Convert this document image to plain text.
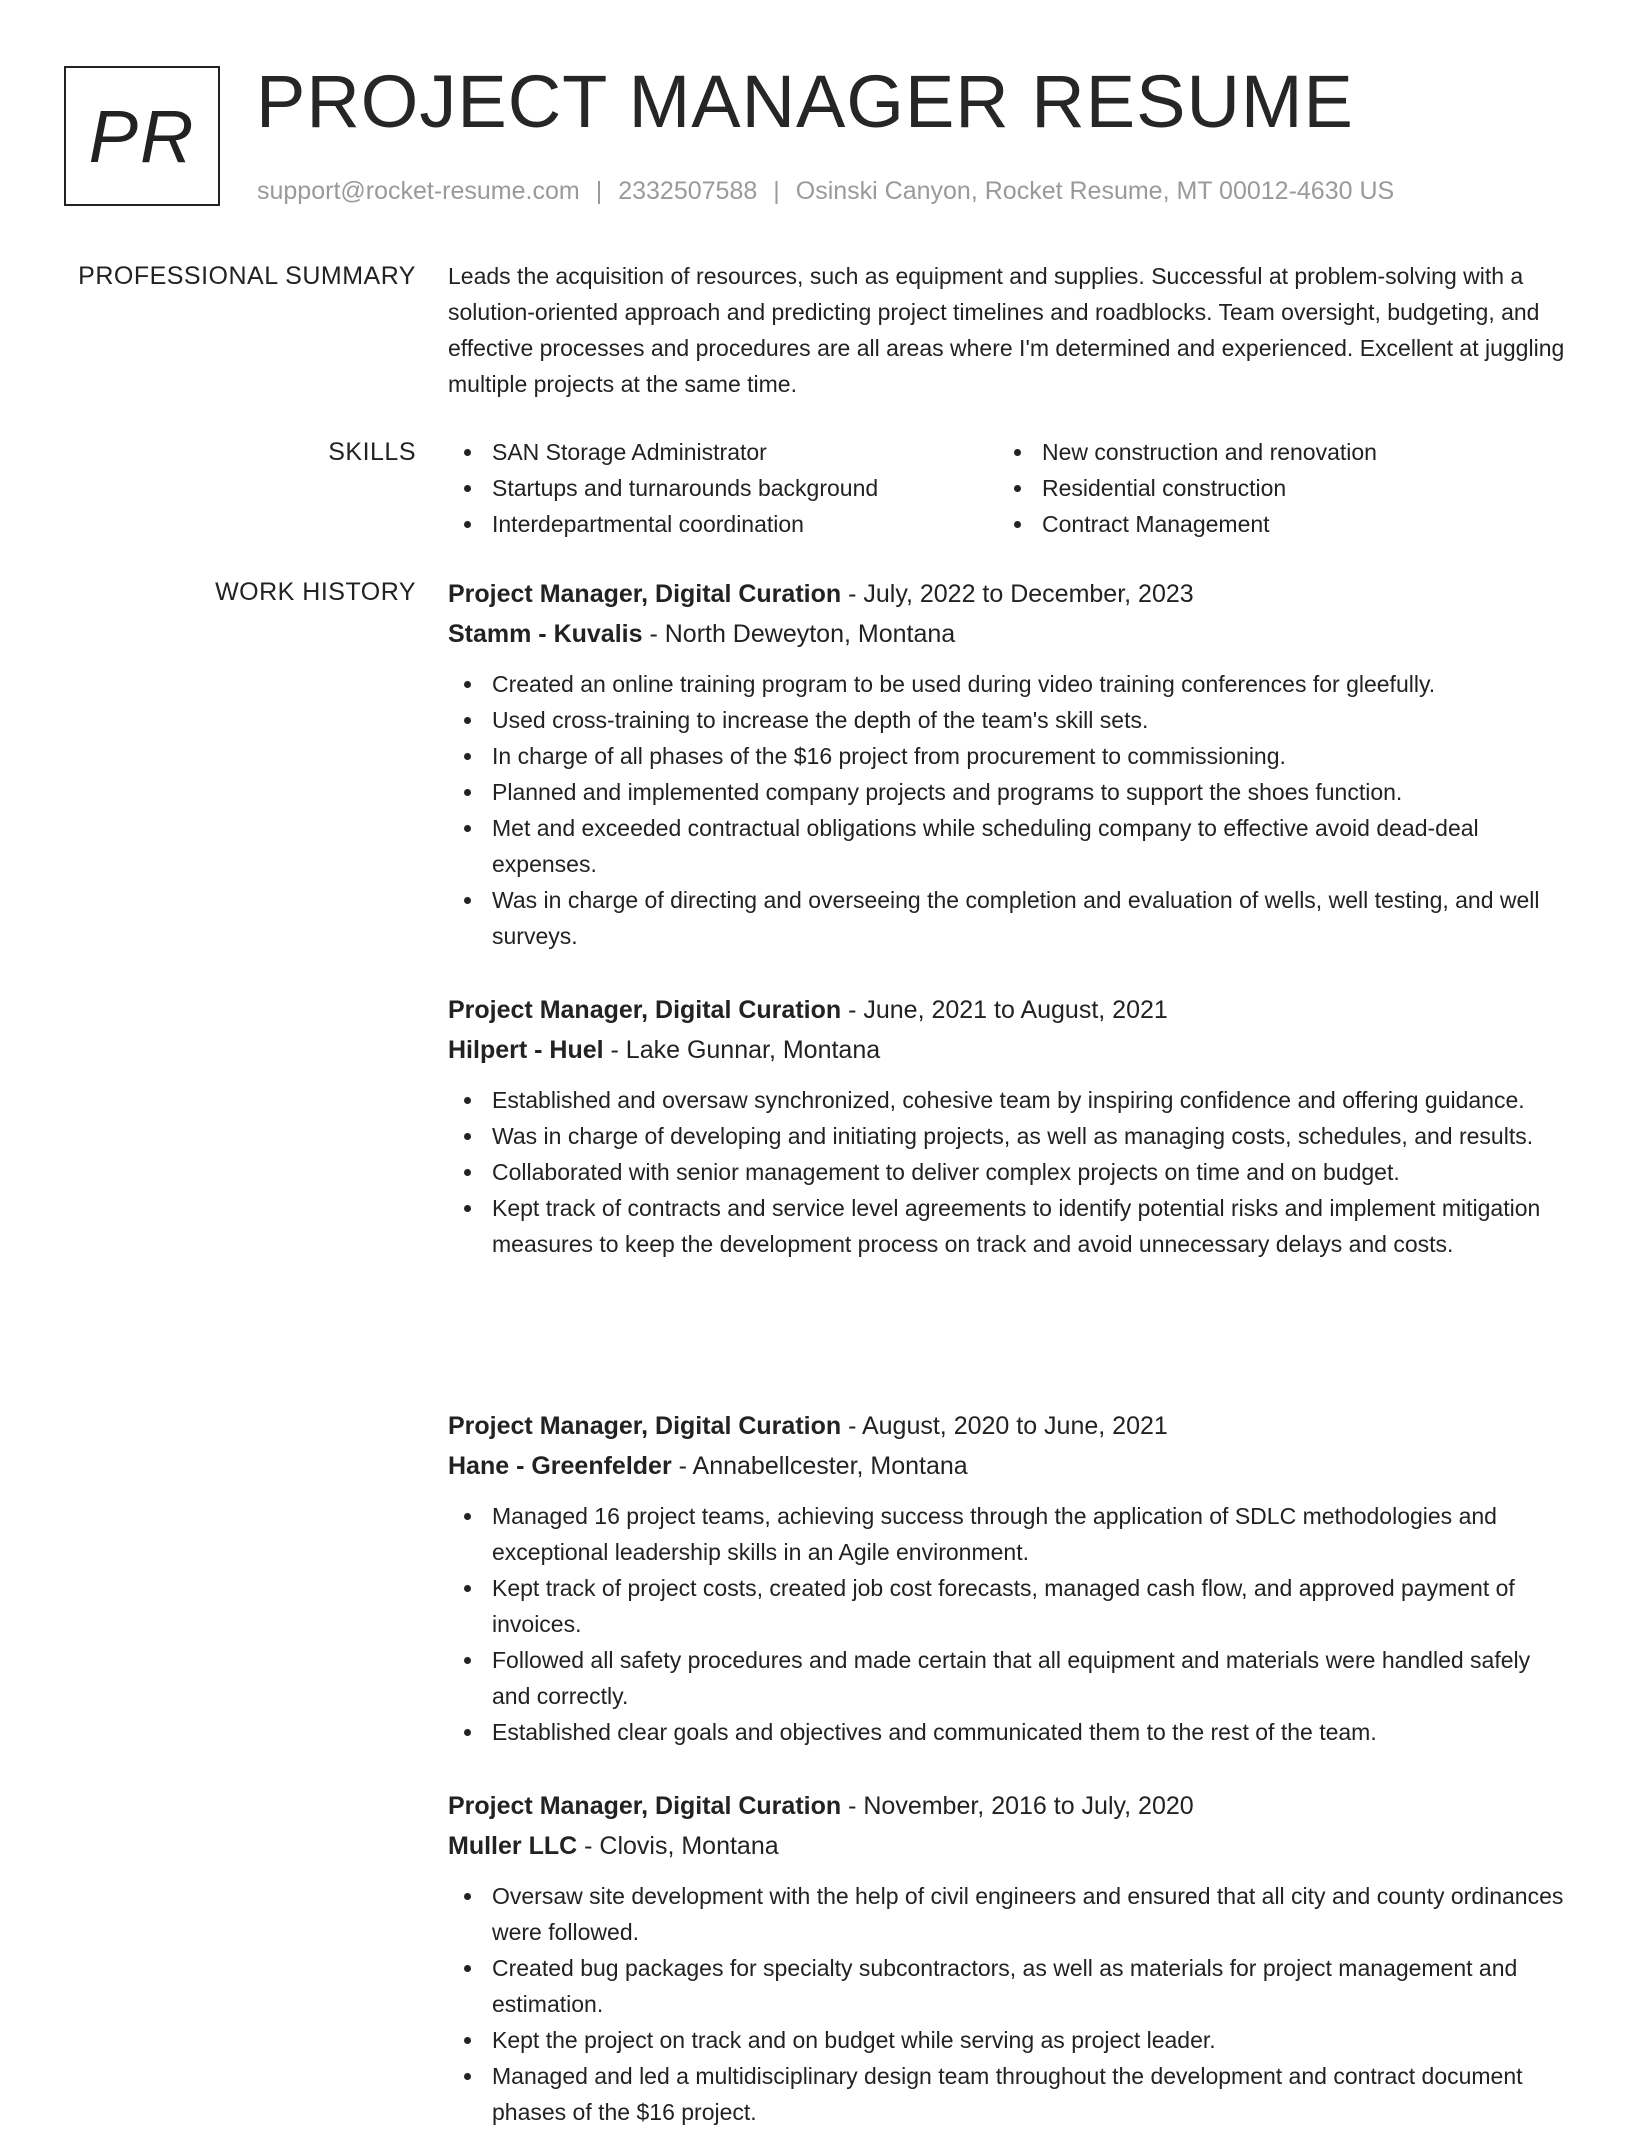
PR PROJECT MANAGER RESUME
support@rocket-resume.com | 2332507588 | Osinski Canyon, Rocket Resume, MT 00012-4630 US
PROFESSIONAL SUMMARY Leads the acquisition of resources, such as equipment and supplies. Successful at problem-solving with a solution-oriented approach and predicting project timelines and roadblocks. Team oversight, budgeting, and effective processes and procedures are all areas where I'm determined and experienced. Excellent at juggling multiple projects at the same time.

SKILLS	SAN Storage Administrator
Startups and turnarounds background
Interdepartmental coordination
New construction and renovation
Residential construction
Contract Management
WORK HISTORY Project Manager, Digital Curation - July, 2022 to December, 2023
Stamm - Kuvalis - North Deweyton, Montana
Created an online training program to be used during video training conferences for gleefully.
Used cross-training to increase the depth of the team's skill sets.
In charge of all phases of the $16 project from procurement to commissioning.
Planned and implemented company projects and programs to support the shoes function.
Met and exceeded contractual obligations while scheduling company to effective avoid dead-deal expenses.
Was in charge of directing and overseeing the completion and evaluation of wells, well testing, and well surveys.
Project Manager, Digital Curation - June, 2021 to August, 2021
Hilpert - Huel - Lake Gunnar, Montana
Established and oversaw synchronized, cohesive team by inspiring confidence and offering guidance.
Was in charge of developing and initiating projects, as well as managing costs, schedules, and results.
Collaborated with senior management to deliver complex projects on time and on budget.
Kept track of contracts and service level agreements to identify potential risks and implement mitigation measures to keep the development process on track and avoid unnecessary delays and costs.
Project Manager, Digital Curation - August, 2020 to June, 2021
Hane - Greenfelder - Annabellcester, Montana
Managed 16 project teams, achieving success through the application of SDLC methodologies and exceptional leadership skills in an Agile environment.
Kept track of project costs, created job cost forecasts, managed cash flow, and approved payment of invoices.
Followed all safety procedures and made certain that all equipment and materials were handled safely and correctly.
Established clear goals and objectives and communicated them to the rest of the team.
Project Manager, Digital Curation - November, 2016 to July, 2020
Muller LLC - Clovis, Montana
Oversaw site development with the help of civil engineers and ensured that all city and county ordinances were followed.
Created bug packages for specialty subcontractors, as well as materials for project management and estimation.
Kept the project on track and on budget while serving as project leader.
Managed and led a multidisciplinary design team throughout the development and contract document phases of the $16 project.
